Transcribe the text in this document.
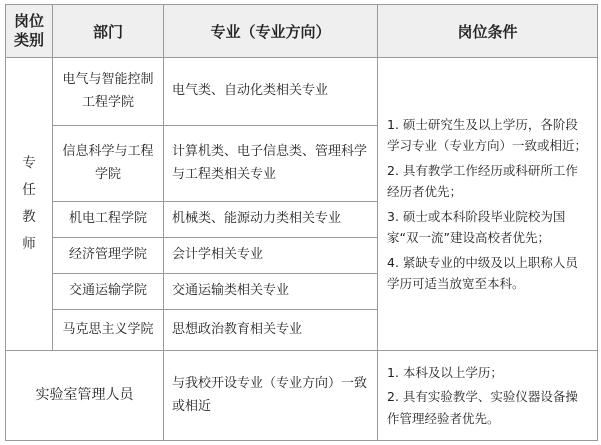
岗位类别	部门	专业（专业方向）	岗位条件

专任教师	电气与智能控制工程学院	电气类、自动化类相关专业	1. 硕士研究生及以上学历，各阶段学习专业（专业方向）一致或相近；

2. 具有教学工作经历或科研所工作经历者优先；

3. 硕士或本科阶段毕业院校为国家“双一流”建设高校者优先；

4. 紧缺专业的中级及以上职称人员学历可适当放宽至本科。

	信息科学与工程学院	计算机类、电子信息类、管理科学与工程类相关专业	
	机电工程学院	机械类、能源动力类相关专业	
	经济管理学院	会计学相关专业	
	交通运输学院	交通运输类相关专业	
	马克思主义学院	思想政治教育相关专业	
实验室管理人员		与我校开设专业（专业方向）一致或相近	1. 本科及以上学历；

2. 具有实验教学、实验仪器设备操作管理经验者优先。
